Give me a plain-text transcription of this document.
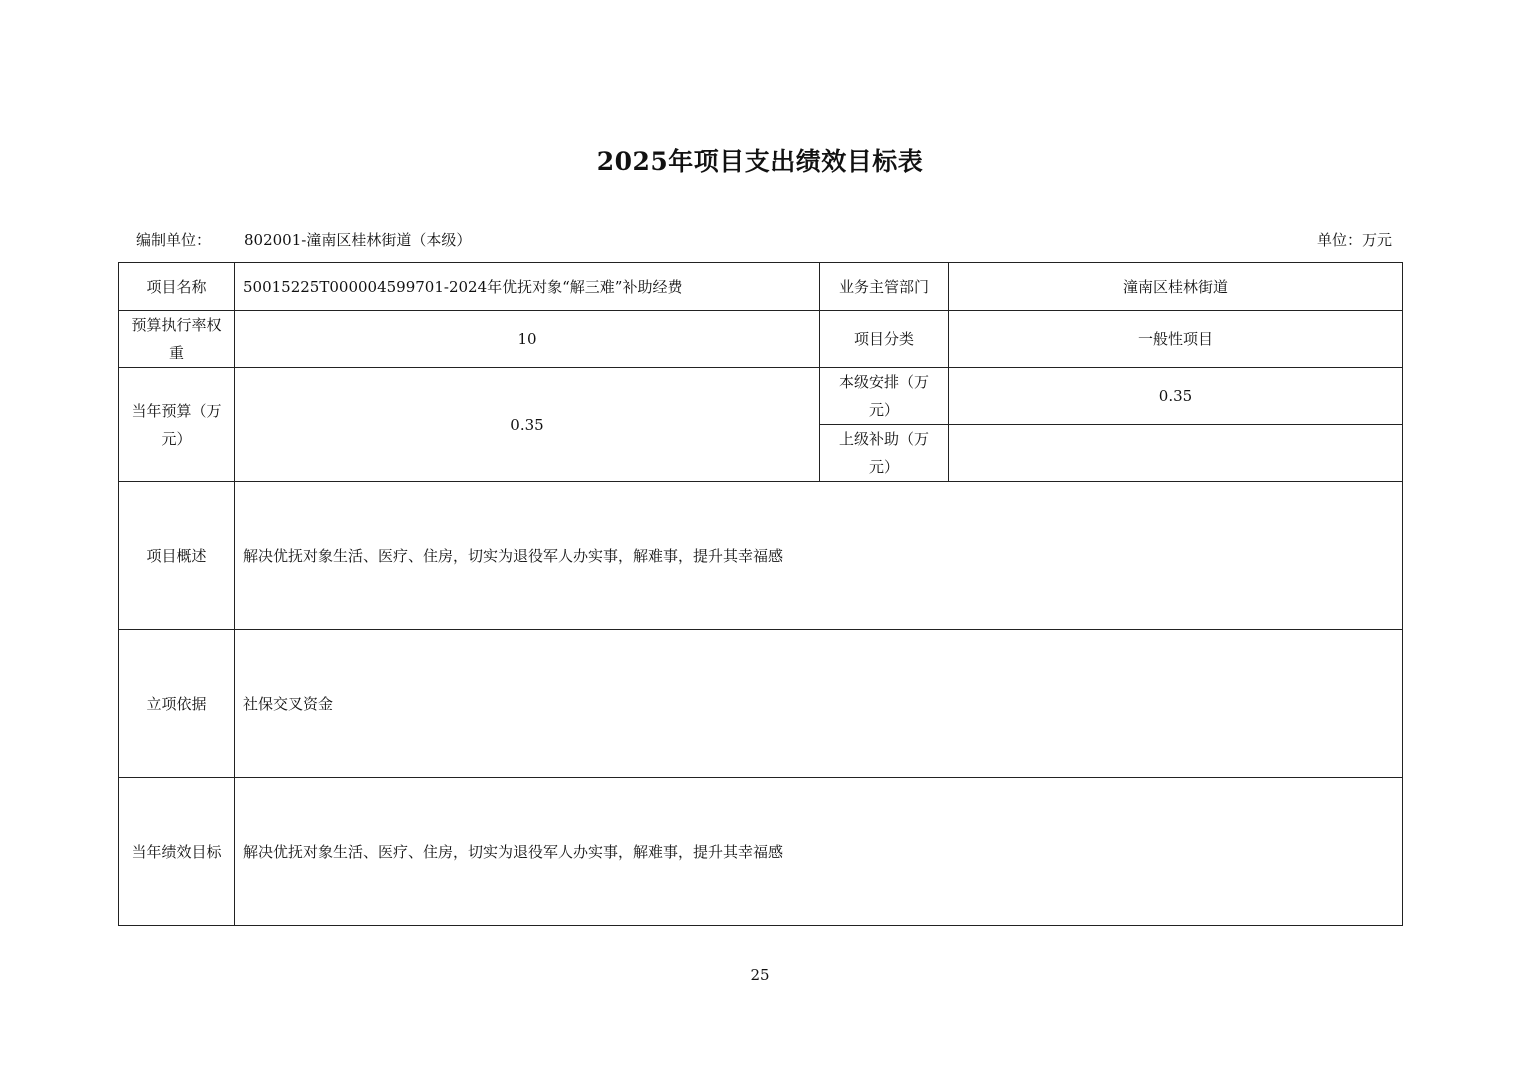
2025年项目支出绩效目标表
编制单位： 802001-潼南区桂林街道（本级）	单位：万元
项目名称	50015225T000004599701-2024年优抚对象“解三难”补助经费	业务主管部门	潼南区桂林街道
预算执行率权重	10	项目分类	一般性项目
当年预算（万元）	0.35	本级安排（万元）	0.35
		上级补助（万元）	
项目概述	解决优抚对象生活、医疗、住房，切实为退役军人办实事，解难事，提升其幸福感		
立项依据	社保交叉资金		
当年绩效目标	解决优抚对象生活、医疗、住房，切实为退役军人办实事，解难事，提升其幸福感		
25
